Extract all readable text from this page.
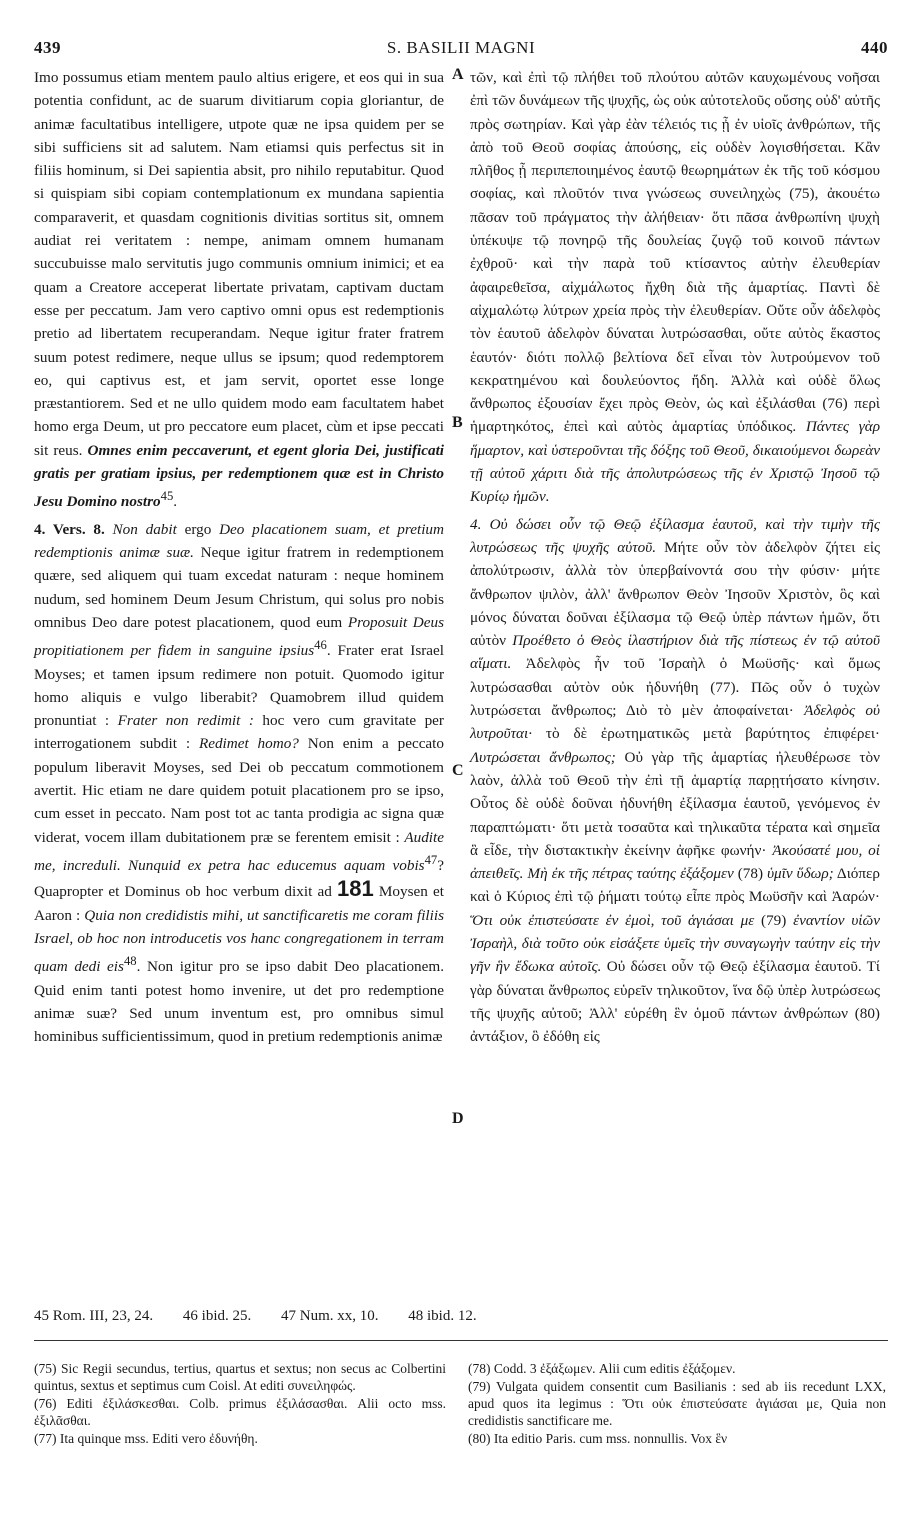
439	S. BASILII MAGNI	440

Imo possumus etiam mentem paulo altius erigere, et eos qui in sua potentia confidunt, ac de suarum divitiarum copia gloriantur, de animæ facultatibus intelligere, utpote quæ ne ipsa quidem per se sibi sufficiens sit ad salutem. Nam etiamsi quis perfectus sit in filiis hominum, si Dei sapientia absit, pro nihilo reputabitur. Quod si quispiam sibi copiam contemplationum ex mundana sapientia comparaverit, et quasdam cognitionis divitias sortitus sit, omnem audiat rei veritatem : nempe, animam omnem humanam succubuisse malo servitutis jugo communis omnium inimici; et ea quam a Creatore acceperat libertate privatam, captivam ductam esse per peccatum. Jam vero captivo omni opus est redemptionis pretio ad libertatem recuperandam. Neque igitur frater fratrem suum potest redimere, neque ullus se ipsum; quod redemptorem eo, qui captivus est, et jam servit, oportet esse longe præstantiorem. Sed et ne ullo quidem modo eam facultatem habet homo erga Deum, ut pro peccatore eum placet, cùm et ipse peccati sit reus. Omnes enim peccaverunt, et egent gloria Dei, justificati gratis per gratiam ipsius, per redemptionem quæ est in Christo Jesu Domino nostro$^{45}$.

4. Vers. 8. Non dabit ergo Deo placationem suam, et pretium redemptionis animæ suæ. Neque igitur fratrem in redemptionem quære, sed aliquem qui tuam excedat naturam : neque hominem nudum, sed hominem Deum Jesum Christum, qui solus pro nobis omnibus Deo dare potest placationem, quod eum Proposuit Deus propitiationem per fidem in sanguine ipsius$^{46}$. Frater erat Israel Moyses; et tamen ipsum redimere non potuit. Quomodo igitur homo aliquis e vulgo liberabit? Quamobrem illud quidem pronuntiat : Frater non redimit : hoc vero cum gravitate per interrogationem subdit : Redimet homo? Non enim a peccato populum liberavit Moyses, sed Dei ob peccatum commotionem avertit. Hic etiam ne dare quidem potuit placationem pro se ipso, cum esset in peccato. Nam post tot ac tanta prodigia ac signa quæ viderat, vocem illam dubitationem præ se ferentem emisit : Audite me, increduli. Nunquid ex petra hac educemus aquam vobis$^{47}$? Quapropter et Dominus ob hoc verbum dixit ad 181 Moysen et Aaron : Quia non credidistis mihi, ut sanctificaretis me coram filiis Israel, ob hoc non introducetis vos hanc congregationem in terram quam dedi eis$^{48}$. Non igitur pro se ipso dabit Deo placationem. Quid enim tanti potest homo invenire, ut det pro redemptione animæ suæ? Sed unum inventum est, pro omnibus simul hominibus sufficientissimum, quod in pretium redemptionis animæ

A
B
C
D

τῶν, καὶ ἐπὶ τῷ πλήθει τοῦ πλούτου αὐτῶν καυχωμένους νοῆσαι ἐπὶ τῶν δυνάμεων τῆς ψυχῆς, ὡς οὐκ αὐτοτελοῦς οὔσης οὐδ' αὐτῆς πρὸς σωτηρίαν. Καὶ γὰρ ἐὰν τέλειός τις ᾖ ἐν υἱοῖς ἀνθρώπων, τῆς ἀπὸ τοῦ Θεοῦ σοφίας ἀπούσης, εἰς οὐδὲν λογισθήσεται. Κἂν πλῆθος ᾖ περιπεποιημένος ἑαυτῷ θεωρημάτων ἐκ τῆς τοῦ κόσμου σοφίας, καὶ πλοῦτόν τινα γνώσεως συνειληχὼς (75), ἀκουέτω πᾶσαν τοῦ πράγματος τὴν ἀλήθειαν· ὅτι πᾶσα ἀνθρωπίνη ψυχὴ ὑπέκυψε τῷ πονηρῷ τῆς δουλείας ζυγῷ τοῦ κοινοῦ πάντων ἐχθροῦ· καὶ τὴν παρὰ τοῦ κτίσαντος αὐτὴν ἐλευθερίαν ἀφαιρεθεῖσα, αἰχμάλωτος ἤχθη διὰ τῆς ἁμαρτίας. Παντὶ δὲ αἰχμαλώτῳ λύτρων χρεία πρὸς τὴν ἐλευθερίαν. Οὔτε οὖν ἀδελφὸς τὸν ἑαυτοῦ ἀδελφὸν δύναται λυτρώσασθαι, οὔτε αὐτὸς ἕκαστος ἑαυτόν· διότι πολλῷ βελτίονα δεῖ εἶναι τὸν λυτρούμενον τοῦ κεκρατημένου καὶ δουλεύοντος ἤδη. Ἀλλὰ καὶ οὐδὲ ὅλως ἄνθρωπος ἐξουσίαν ἔχει πρὸς Θεὸν, ὡς καὶ ἐξιλάσθαι (76) περὶ ἡμαρτηκότος, ἐπεὶ καὶ αὐτὸς ἁμαρτίας ὑπόδικος. Πάντες γὰρ ἥμαρτον, καὶ ὑστεροῦνται τῆς δόξης τοῦ Θεοῦ, δικαιούμενοι δωρεὰν τῇ αὐτοῦ χάριτι διὰ τῆς ἀπολυτρώσεως τῆς ἐν Χριστῷ Ἰησοῦ τῷ Κυρίῳ ἡμῶν.

4. Οὐ δώσει οὖν τῷ Θεῷ ἐξίλασμα ἑαυτοῦ, καὶ τὴν τιμὴν τῆς λυτρώσεως τῆς ψυχῆς αὐτοῦ. Μήτε οὖν τὸν ἀδελφὸν ζήτει εἰς ἀπολύτρωσιν, ἀλλὰ τὸν ὑπερβαίνοντά σου τὴν φύσιν· μήτε ἄνθρωπον ψιλὸν, ἀλλ' ἄνθρωπον Θεὸν Ἰησοῦν Χριστὸν, ὃς καὶ μόνος δύναται δοῦναι ἐξίλασμα τῷ Θεῷ ὑπὲρ πάντων ἡμῶν, ὅτι αὐτὸν Προέθετο ὁ Θεὸς ἱλαστήριον διὰ τῆς πίστεως ἐν τῷ αὐτοῦ αἵματι. Ἀδελφὸς ἦν τοῦ Ἰσραὴλ ὁ Μωϋσῆς· καὶ ὅμως λυτρώσασθαι αὐτὸν οὐκ ἠδυνήθη (77). Πῶς οὖν ὁ τυχὼν λυτρώσεται ἄνθρωπος; Διὸ τὸ μὲν ἀποφαίνεται· Ἀδελφὸς οὐ λυτροῦται· τὸ δὲ ἐρωτηματικῶς μετὰ βαρύτητος ἐπιφέρει· Λυτρώσεται ἄνθρωπος; Οὐ γὰρ τῆς ἁμαρτίας ἠλευθέρωσε τὸν λαὸν, ἀλλὰ τοῦ Θεοῦ τὴν ἐπὶ τῇ ἁμαρτίᾳ παρῃτήσατο κίνησιν. Οὗτος δὲ οὐδὲ δοῦναι ἠδυνήθη ἐξίλασμα ἑαυτοῦ, γενόμενος ἐν παραπτώματι· ὅτι μετὰ τοσαῦτα καὶ τηλικαῦτα τέρατα καὶ σημεῖα ἃ εἶδε, τὴν διστακτικὴν ἐκείνην ἀφῆκε φωνήν· Ἀκούσατέ μου, οἱ ἀπειθεῖς. Μὴ ἐκ τῆς πέτρας ταύτης ἐξάξομεν (78) ὑμῖν ὕδωρ; Διόπερ καὶ ὁ Κύριος ἐπὶ τῷ ῥήματι τούτῳ εἶπε πρὸς Μωϋσῆν καὶ Ἀαρών· Ὅτι οὐκ ἐπιστεύσατε ἐν ἐμοὶ, τοῦ ἁγιάσαι με (79) ἐναντίον υἱῶν Ἰσραὴλ, διὰ τοῦτο οὐκ εἰσάξετε ὑμεῖς τὴν συναγωγὴν ταύτην εἰς τὴν γῆν ἣν ἔδωκα αὐτοῖς. Οὐ δώσει οὖν τῷ Θεῷ ἐξίλασμα ἑαυτοῦ. Τί γὰρ δύναται ἄνθρωπος εὑρεῖν τηλικοῦτον, ἵνα δῷ ὑπὲρ λυτρώσεως τῆς ψυχῆς αὐτοῦ; Ἀλλ' εὑρέθη ἓν ὁμοῦ πάντων ἀνθρώπων (80) ἀντάξιον, ὃ ἐδόθη εἰς

45 Rom. III, 23, 24. 46 ibid. 25. 47 Num. xx, 10. 48 ibid. 12.

(75) Sic Regii secundus, tertius, quartus et sextus; non secus ac Colbertini quintus, sextus et septimus cum Coisl. At editi συνειληφώς.

(76) Editi ἐξιλάσκεσθαι. Colb. primus ἐξιλάσασθαι. Alii octo mss. ἐξιλᾶσθαι.

(77) Ita quinque mss. Editi vero ἐδυνήθη.

(78) Codd. 3 ἐξάξωμεν. Alii cum editis ἐξάξομεν.

(79) Vulgata quidem consentit cum Basilianis : sed ab iis recedunt LXX, apud quos ita legimus : Ὅτι οὐκ ἐπιστεύσατε ἁγιάσαι με, Quia non credidistis sanctificare me.

(80) Ita editio Paris. cum mss. nonnullis. Vox ἓν
